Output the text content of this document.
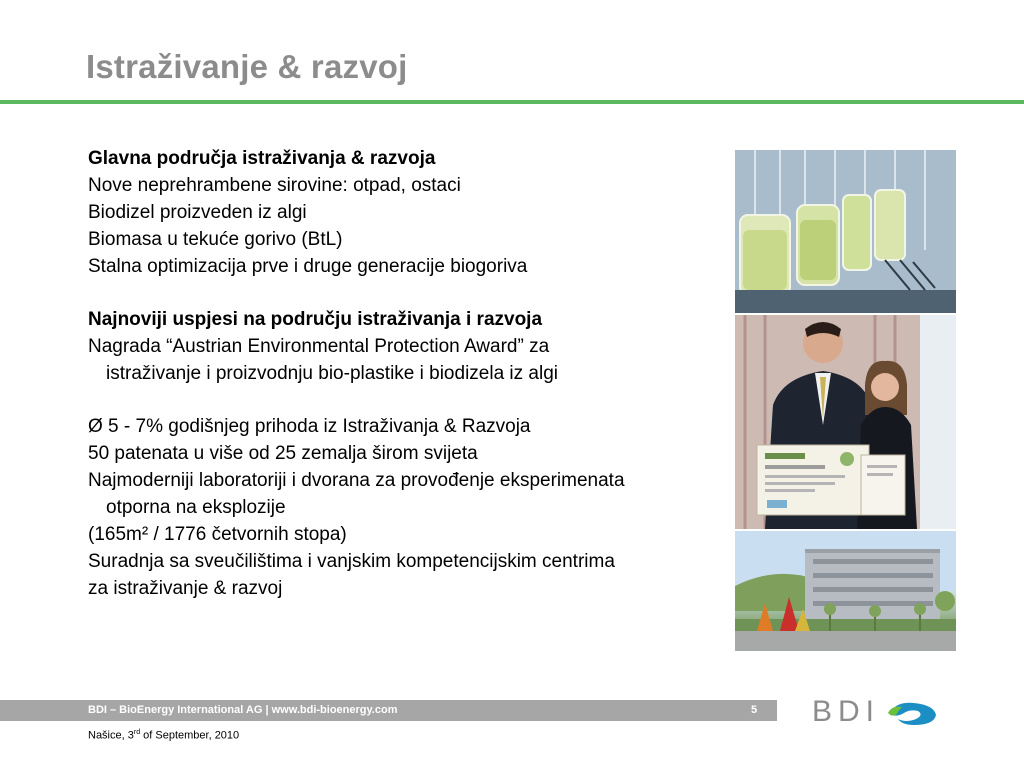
Istraživanje & razvoj
Glavna područja istraživanja & razvoja
Nove neprehrambene sirovine: otpad, ostaci
Biodizel proizveden iz algi
Biomasa u tekuće gorivo (BtL)
Stalna optimizacija prve i druge generacije biogoriva
Najnoviji uspjesi na području istraživanja i razvoja
Nagrada “Austrian Environmental Protection Award” za
istraživanje i proizvodnju bio-plastike i biodizela iz algi
Ø 5 - 7% godišnjeg prihoda iz Istraživanja & Razvoja
50 patenata u više od 25 zemalja širom svijeta
Najmoderniji laboratoriji i dvorana za provođenje eksperimenata
otporna na eksplozije
(165m² / 1776 četvornih stopa)
Suradnja sa sveučilištima i vanjskim kompetencijskim centrima
za istraživanje & razvoj
BDI – BioEnergy International AG | www.bdi-bioenergy.com	5
Našice, 3rd of September, 2010
BDI
